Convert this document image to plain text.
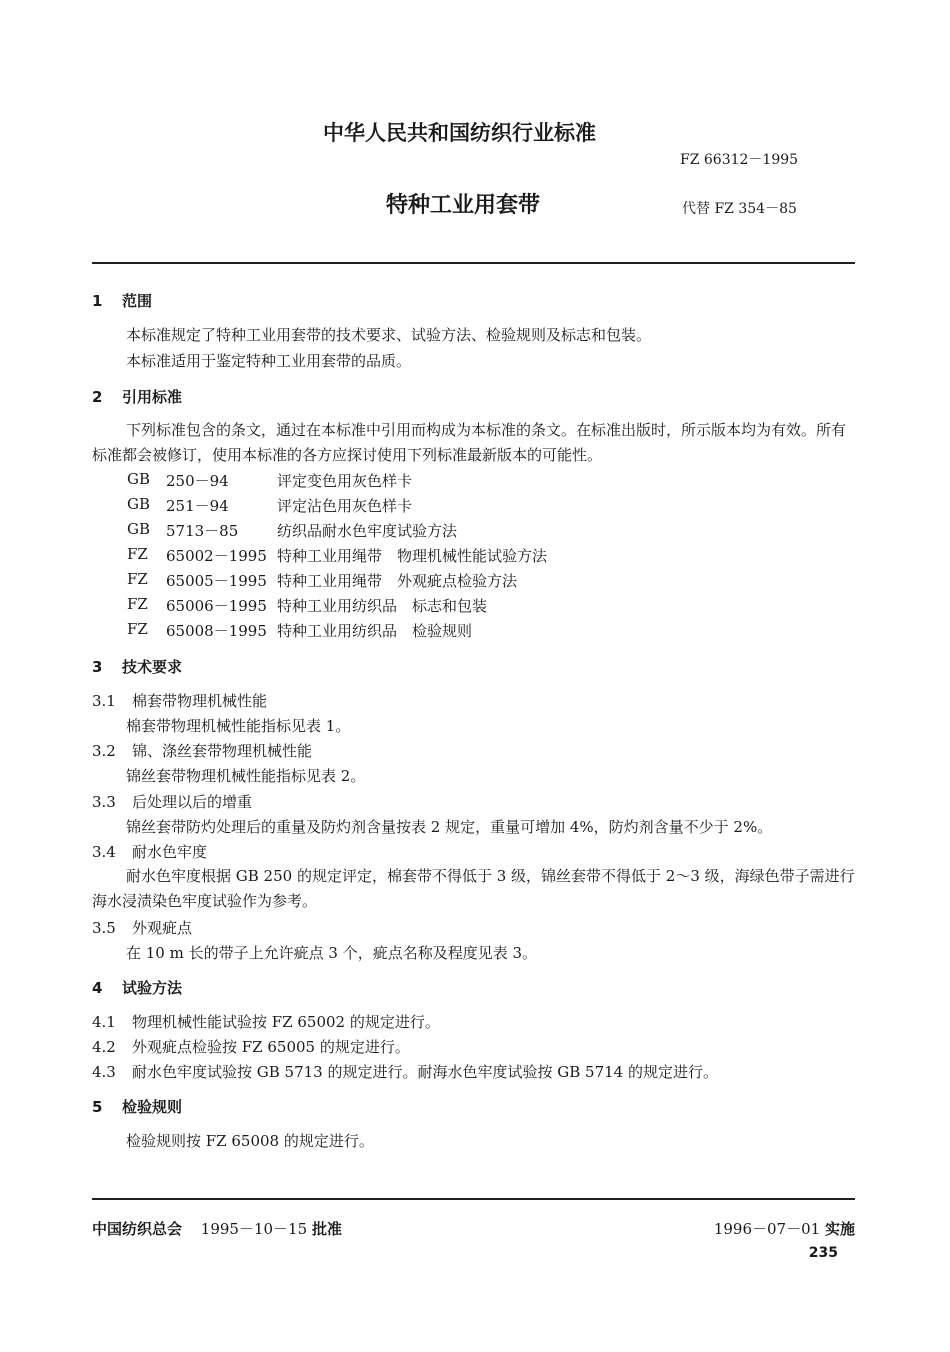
中华人民共和国纺织行业标准
FZ 66312－1995
特种工业用套带	代替 FZ 354－85
1 范围
本标准规定了特种工业用套带的技术要求、试验方法、检验规则及标志和包装。
本标准适用于鉴定特种工业用套带的品质。
2 引用标准
下列标准包含的条文，通过在本标准中引用而构成为本标准的条文。在标准出版时，所示版本均为有效。所有标准都会被修订，使用本标准的各方应探讨使用下列标准最新版本的可能性。
GB 250－94	评定变色用灰色样卡
GB 251－94	评定沾色用灰色样卡
GB 5713－85	纺织品耐水色牢度试验方法
FZ 65002－1995 特种工业用绳带　物理机械性能试验方法
FZ 65005－1995 特种工业用绳带　外观疵点检验方法
FZ 65006－1995 特种工业用纺织品　标志和包装
FZ 65008－1995 特种工业用纺织品　检验规则
3 技术要求
3.1 棉套带物理机械性能
棉套带物理机械性能指标见表 1。
3.2 锦、涤丝套带物理机械性能
锦丝套带物理机械性能指标见表 2。
3.3 后处理以后的增重
锦丝套带防灼处理后的重量及防灼剂含量按表 2 规定，重量可增加 4%，防灼剂含量不少于 2%。
3.4 耐水色牢度
耐水色牢度根据 GB 250 的规定评定，棉套带不得低于 3 级，锦丝套带不得低于 2～3 级，海绿色带子需进行海水浸渍染色牢度试验作为参考。
3.5 外观疵点
在 10 m 长的带子上允许疵点 3 个，疵点名称及程度见表 3。
4 试验方法
4.1 物理机械性能试验按 FZ 65002 的规定进行。
4.2 外观疵点检验按 FZ 65005 的规定进行。
4.3 耐水色牢度试验按 GB 5713 的规定进行。耐海水色牢度试验按 GB 5714 的规定进行。
5 检验规则
检验规则按 FZ 65008 的规定进行。
中国纺织总会 1995－10－15 批准	1996－07－01 实施
235
